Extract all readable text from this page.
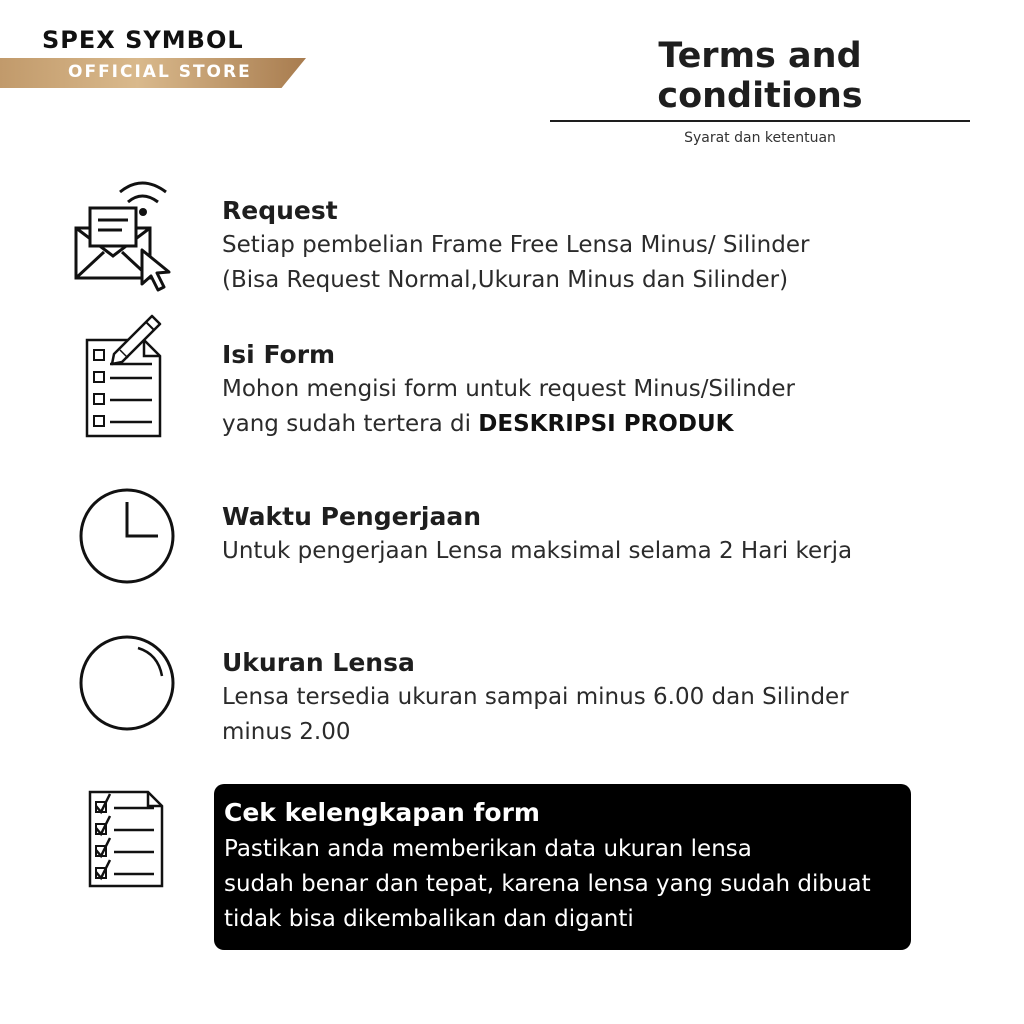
SPEX SYMBOL
OFFICIAL STORE	Terms and conditions
Syarat dan ketentuan
Request
Setiap pembelian Frame Free Lensa Minus/ Silinder
(Bisa Request Normal,Ukuran Minus dan Silinder)
Isi Form
Mohon mengisi form untuk request Minus/Silinder
yang sudah tertera di DESKRIPSI PRODUK
Waktu Pengerjaan
Untuk pengerjaan Lensa maksimal selama 2 Hari kerja
Ukuran Lensa
Lensa tersedia ukuran sampai minus 6.00 dan Silinder
minus 2.00
Cek kelengkapan form
Pastikan anda memberikan data ukuran lensa
sudah benar dan tepat, karena lensa yang sudah dibuat
tidak bisa dikembalikan dan diganti
